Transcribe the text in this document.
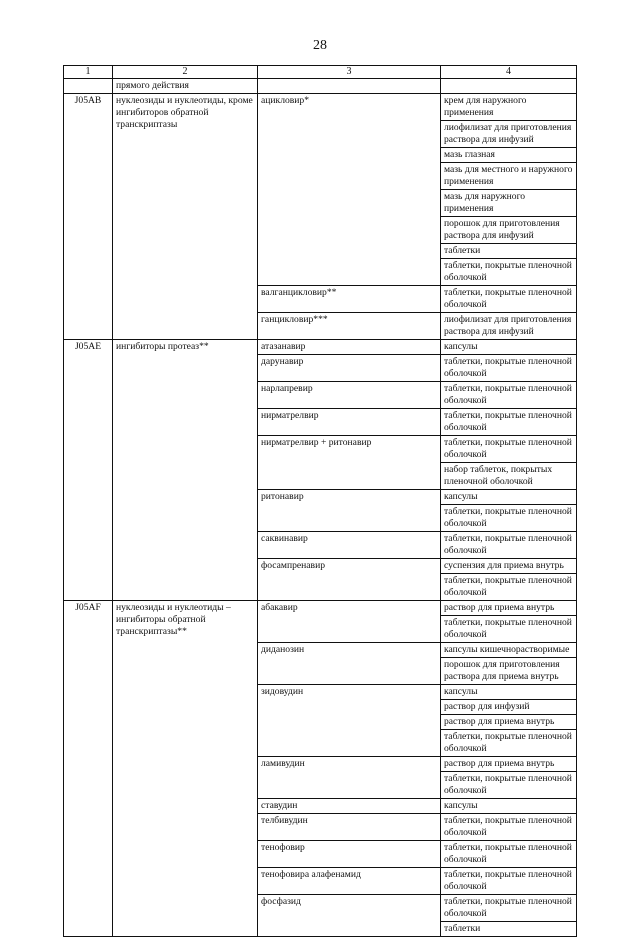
28
1	2	3	4
	прямого действия		
J05AB	нуклеозиды и нуклеотиды, кроме ингибиторов обратной транскриптазы	ацикловир*	крем для наружного применения
			лиофилизат для приготовления раствора для инфузий
			мазь глазная
			мазь для местного и наружного применения
			мазь для наружного применения
			порошок для приготовления раствора для инфузий
			таблетки
			таблетки, покрытые пленочной оболочкой

		валганцикловир**	таблетки, покрытые пленочной оболочкой

		ганцикловир***	лиофилизат для приготовления раствора для инфузий
J05AE	ингибиторы протеаз**	атазанавир	капсулы

		дарунавир	таблетки, покрытые пленочной оболочкой

		нарлапревир	таблетки, покрытые пленочной оболочкой

		нирматрелвир	таблетки, покрытые пленочной оболочкой

		нирматрелвир + ритонавир	таблетки, покрытые пленочной оболочкой
			набор таблеток, покрытых пленочной оболочкой

		ритонавир	капсулы
			таблетки, покрытые пленочной оболочкой

		саквинавир	таблетки, покрытые пленочной оболочкой

		фосампренавир	суспензия для приема внутрь
			таблетки, покрытые пленочной оболочкой
J05AF	нуклеозиды и нуклеотиды – ингибиторы обратной транскриптазы**	абакавир	раствор для приема внутрь
			таблетки, покрытые пленочной оболочкой

		диданозин	капсулы кишечнорастворимые
			порошок для приготовления раствора для приема внутрь

		зидовудин	капсулы
			раствор для инфузий
			раствор для приема внутрь
			таблетки, покрытые пленочной оболочкой

		ламивудин	раствор для приема внутрь
			таблетки, покрытые пленочной оболочкой

		ставудин	капсулы

		телбивудин	таблетки, покрытые пленочной оболочкой

		тенофовир	таблетки, покрытые пленочной оболочкой

		тенофовира алафенамид	таблетки, покрытые пленочной оболочкой

		фосфазид	таблетки, покрытые пленочной оболочкой
			таблетки
